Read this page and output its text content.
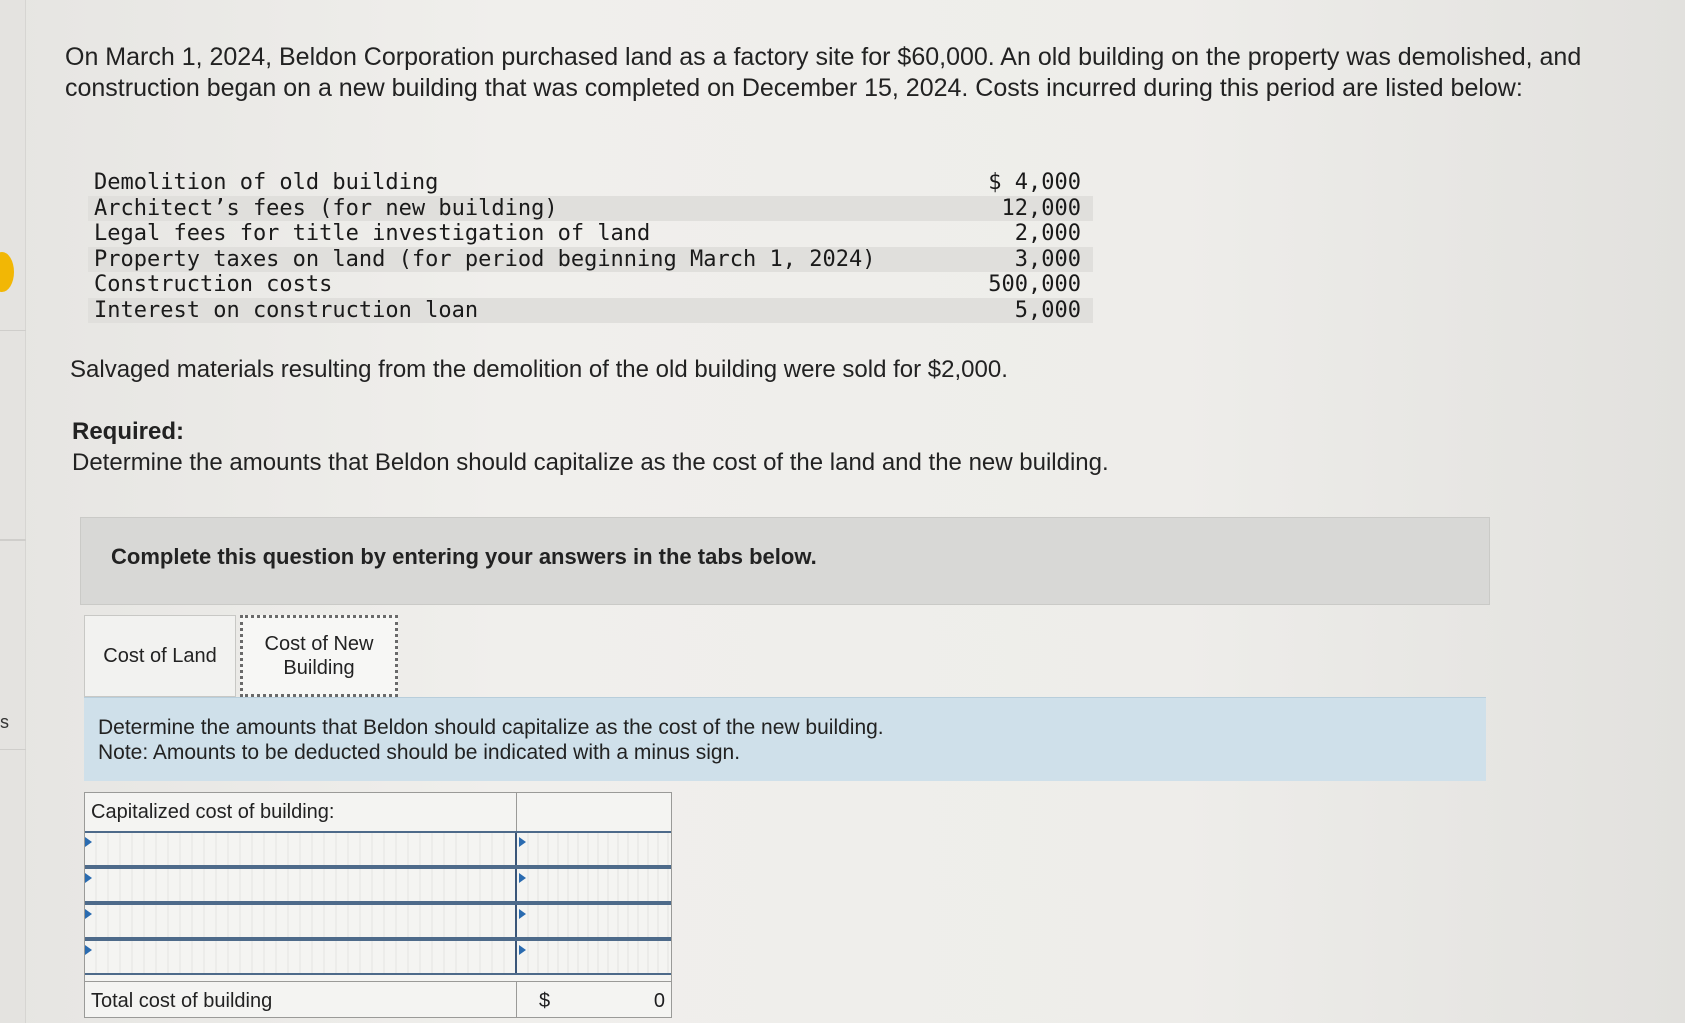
s
On March 1, 2024, Beldon Corporation purchased land as a factory site for $60,000. An old building on the property was demolished, and construction began on a new building that was completed on December 15, 2024. Costs incurred during this period are listed below:
Demolition of old building	$ 4,000
Architect’s fees (for new building)	12,000
Legal fees for title investigation of land	2,000
Property taxes on land (for period beginning March 1, 2024)	3,000
Construction costs	500,000
Interest on construction loan	5,000
Salvaged materials resulting from the demolition of the old building were sold for $2,000.
Required:
Determine the amounts that Beldon should capitalize as the cost of the land and the new building.
Complete this question by entering your answers in the tabs below.
Cost of Land
Cost of New
Building
Determine the amounts that Beldon should capitalize as the cost of the new building.
Note: Amounts to be deducted should be indicated with a minus sign.
Capitalized cost of building:
Total cost of building	$	0
